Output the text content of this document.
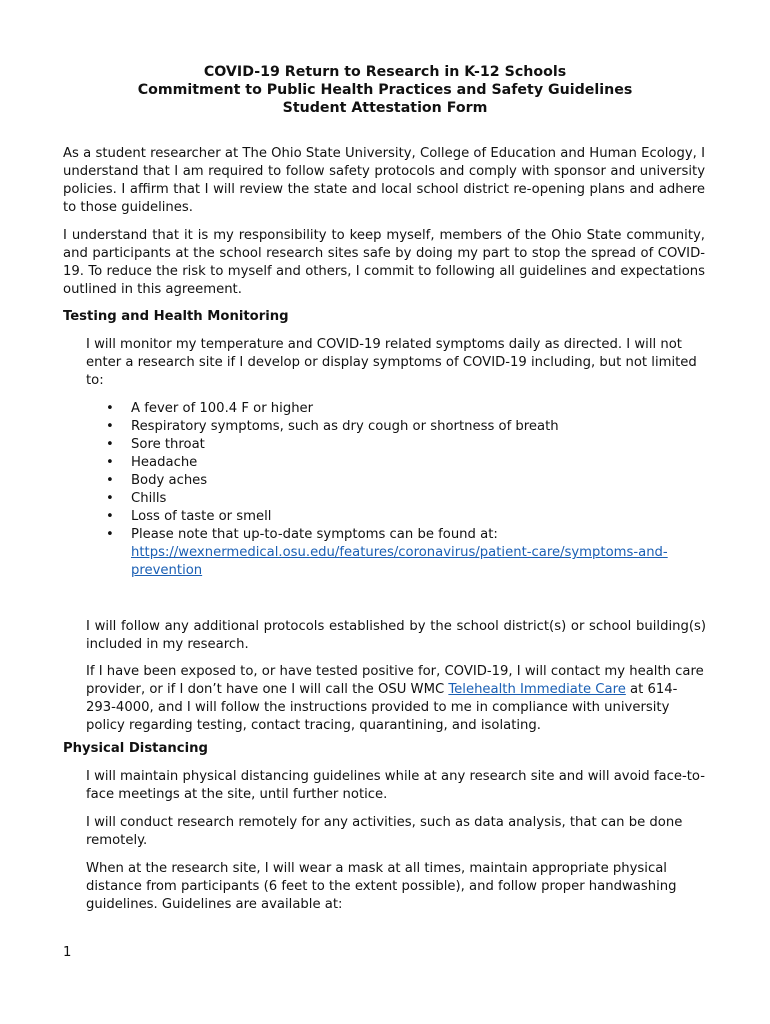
COVID-19 Return to Research in K-12 Schools
Commitment to Public Health Practices and Safety Guidelines
Student Attestation Form

As a student researcher at The Ohio State University, College of Education and Human Ecology, I understand that I am required to follow safety protocols and comply with sponsor and university policies. I affirm that I will review the state and local school district re-opening plans and adhere to those guidelines.

I understand that it is my responsibility to keep myself, members of the Ohio State community, and participants at the school research sites safe by doing my part to stop the spread of COVID-19. To reduce the risk to myself and others, I commit to following all guidelines and expectations outlined in this agreement.

Testing and Health Monitoring

I will monitor my temperature and COVID-19 related symptoms daily as directed. I will not enter a research site if I develop or display symptoms of COVID-19 including, but not limited to:

• A fever of 100.4 F or higher
• Respiratory symptoms, such as dry cough or shortness of breath
• Sore throat
• Headache
• Body aches
• Chills
• Loss of taste or smell
• Please note that up-to-date symptoms can be found at:
https://wexnermedical.osu.edu/features/coronavirus/patient-care/symptoms-and-prevention

I will follow any additional protocols established by the school district(s) or school building(s) included in my research.

If I have been exposed to, or have tested positive for, COVID-19, I will contact my health care provider, or if I don’t have one I will call the OSU WMC Telehealth Immediate Care at 614-293-4000, and I will follow the instructions provided to me in compliance with university policy regarding testing, contact tracing, quarantining, and isolating.

Physical Distancing

I will maintain physical distancing guidelines while at any research site and will avoid face-to-face meetings at the site, until further notice.

I will conduct research remotely for any activities, such as data analysis, that can be done remotely.

When at the research site, I will wear a mask at all times, maintain appropriate physical distance from participants (6 feet to the extent possible), and follow proper handwashing guidelines. Guidelines are available at:

1
